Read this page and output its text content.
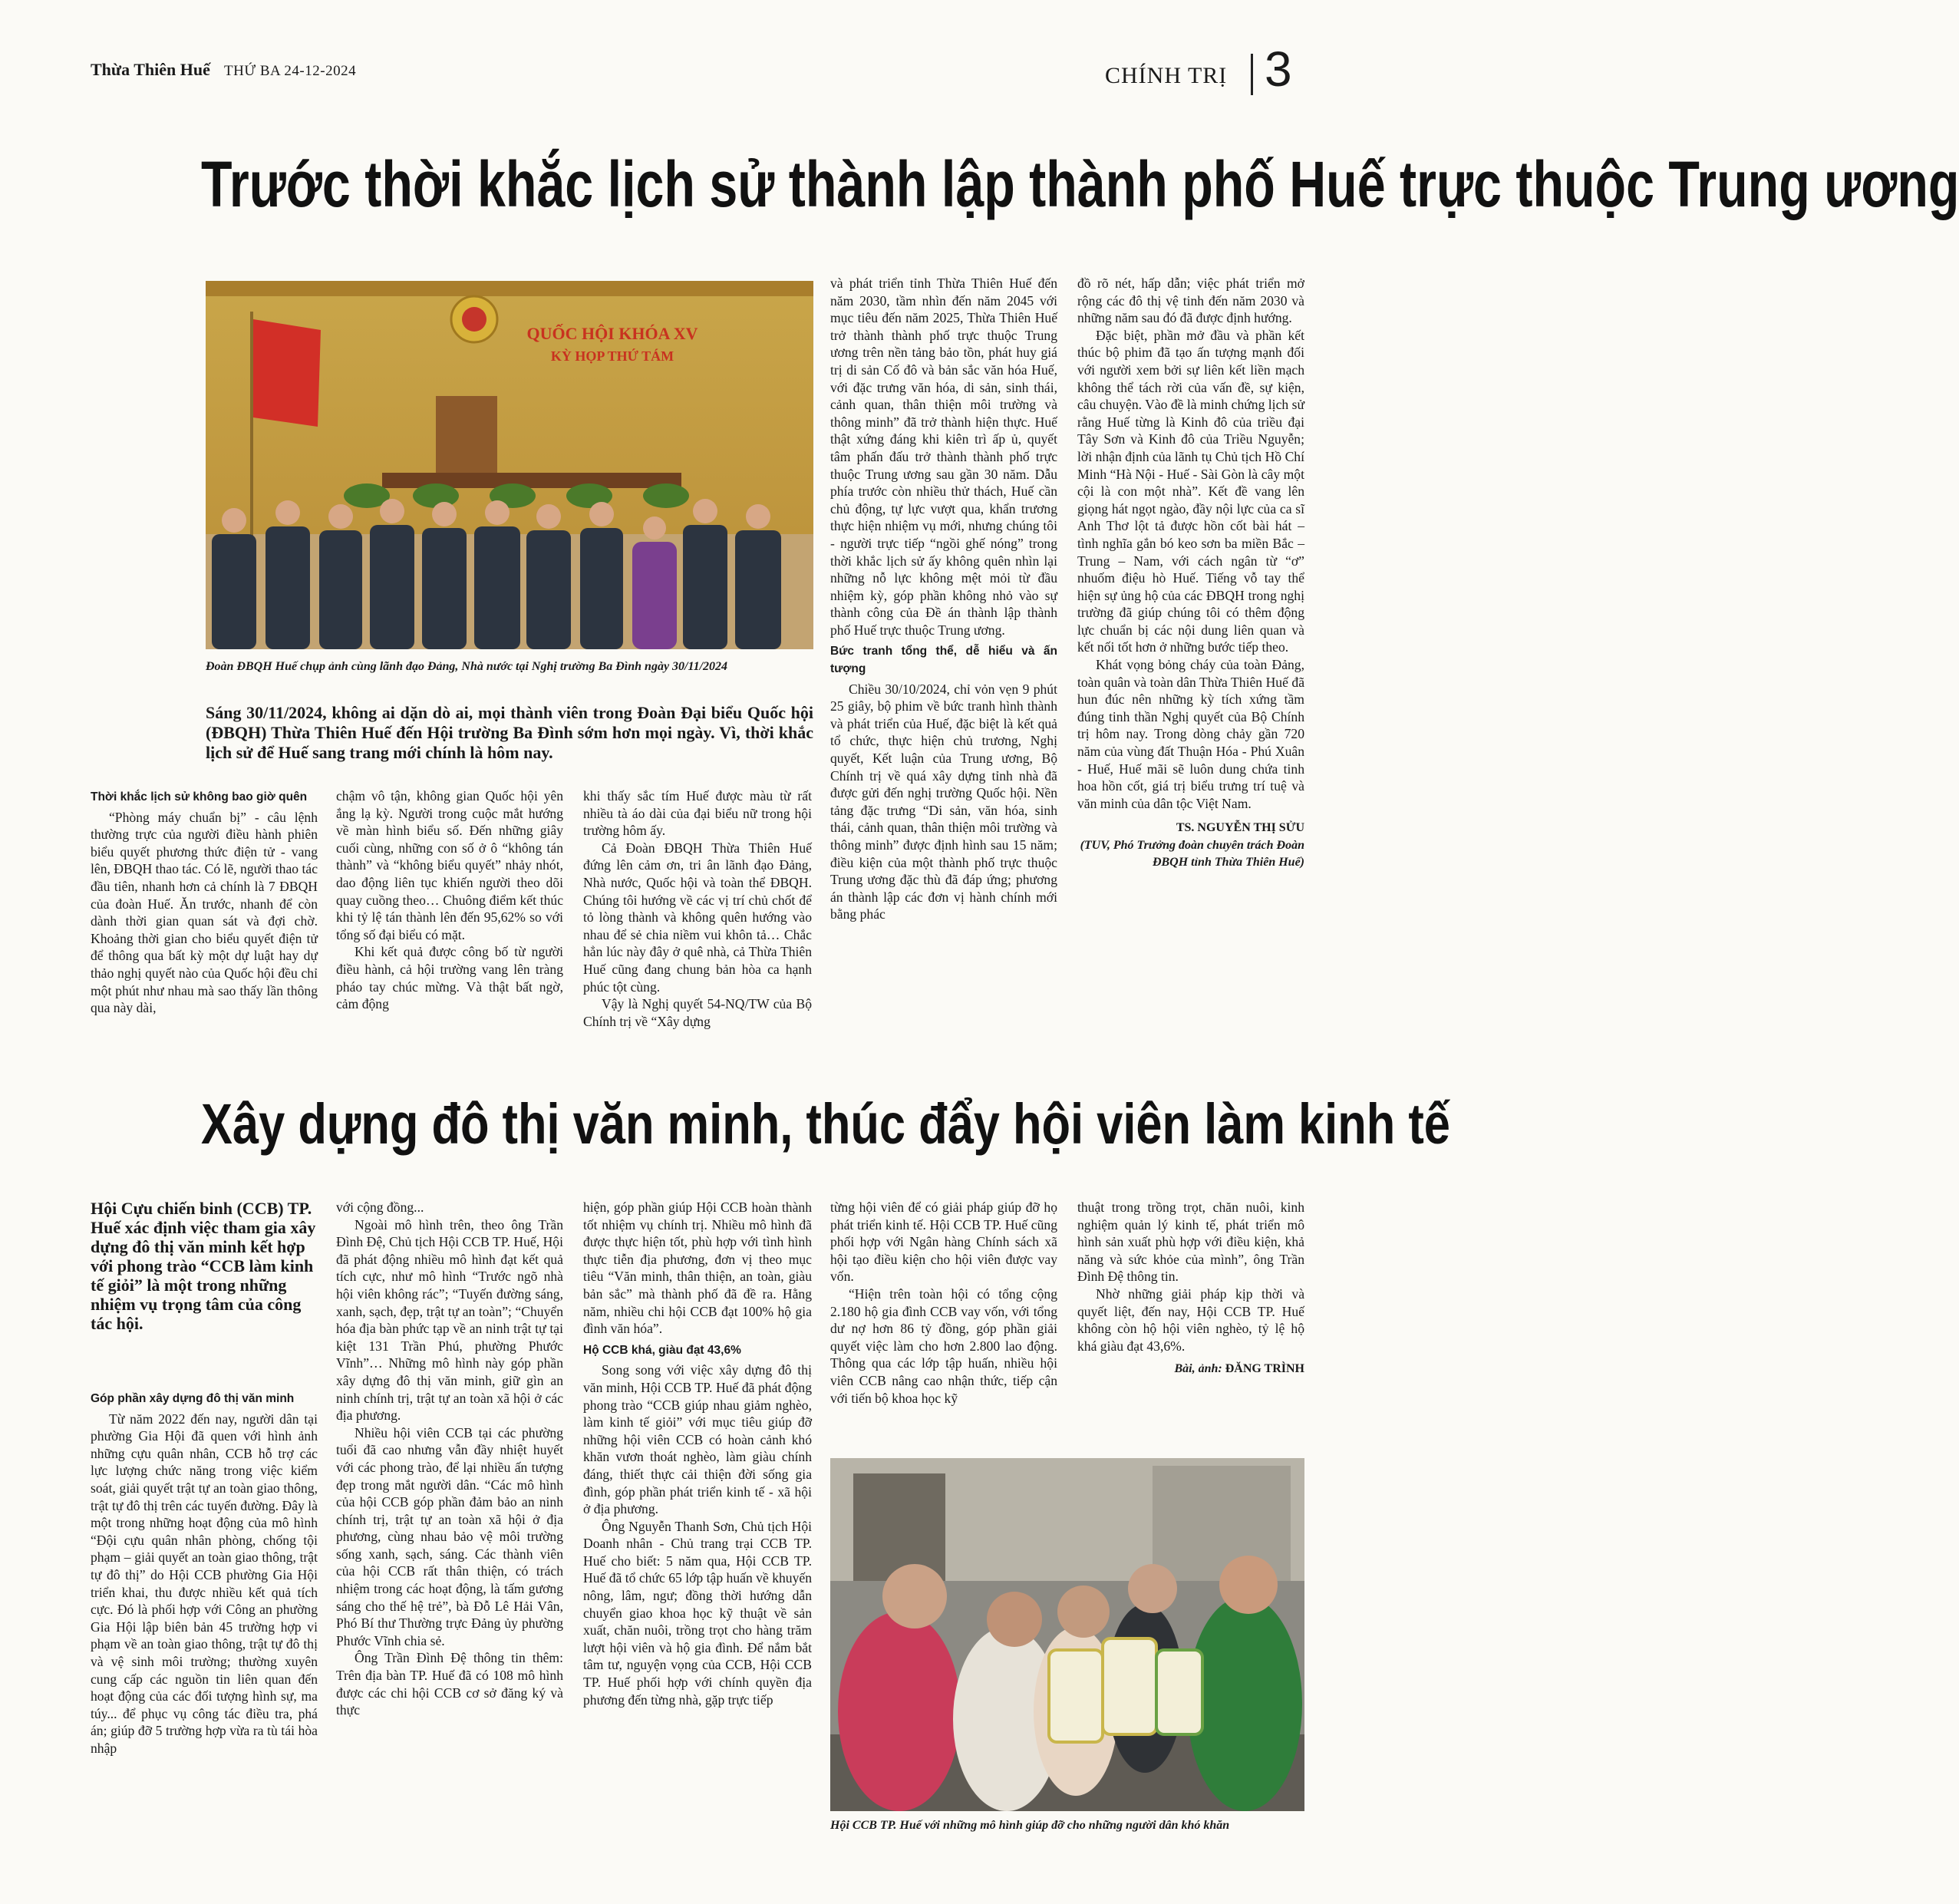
Thừa Thiên Huế THỨ BA 24-12-2024	CHÍNH TRỊ 3
Trước thời khắc lịch sử thành lập thành phố Huế trực thuộc Trung ương
QUỐC HỘI KHÓA XV
KỲ HỌP THỨ TÁM
Đoàn ĐBQH Huế chụp ảnh cùng lãnh đạo Đảng, Nhà nước tại Nghị trường Ba Đình ngày 30/11/2024
Sáng 30/11/2024, không ai dặn dò ai, mọi thành viên trong Đoàn Đại biểu Quốc hội (ĐBQH) Thừa Thiên Huế đến Hội trường Ba Đình sớm hơn mọi ngày. Vì, thời khắc lịch sử để Huế sang trang mới chính là hôm nay.
Thời khắc lịch sử không bao giờ quên

“Phòng máy chuẩn bị” - câu lệnh thường trực của người điều hành phiên biểu quyết phương thức điện tử - vang lên, ĐBQH thao tác. Có lẽ, người thao tác đầu tiên, nhanh hơn cả chính là 7 ĐBQH của đoàn Huế. Ăn trước, nhanh để còn dành thời gian quan sát và đợi chờ. Khoảng thời gian cho biểu quyết điện tử để thông qua bất kỳ một dự luật hay dự thảo nghị quyết nào của Quốc hội đều chỉ một phút như nhau mà sao thấy lần thông qua này dài,

chậm vô tận, không gian Quốc hội yên ắng lạ kỳ. Người trong cuộc mắt hướng về màn hình biểu số. Đến những giây cuối cùng, những con số ở ô “không tán thành” và “không biểu quyết” nhảy nhót, dao động liên tục khiến người theo dõi quay cuồng theo… Chuông điểm kết thúc khi tỷ lệ tán thành lên đến 95,62% so với tổng số đại biểu có mặt.

Khi kết quả được công bố từ người điều hành, cả hội trường vang lên tràng pháo tay chúc mừng. Và thật bất ngờ, cảm động

khi thấy sắc tím Huế được màu từ rất nhiều tà áo dài của đại biểu nữ trong hội trường hôm ấy.

Cả Đoàn ĐBQH Thừa Thiên Huế đứng lên cảm ơn, tri ân lãnh đạo Đảng, Nhà nước, Quốc hội và toàn thể ĐBQH. Chúng tôi hướng về các vị trí chủ chốt để tỏ lòng thành và không quên hướng vào nhau để sẻ chia niềm vui khôn tả… Chắc hẳn lúc này đây ở quê nhà, cả Thừa Thiên Huế cũng đang chung bản hòa ca hạnh phúc tột cùng.

Vậy là Nghị quyết 54-NQ/TW của Bộ Chính trị về “Xây dựng

và phát triển tỉnh Thừa Thiên Huế đến năm 2030, tầm nhìn đến năm 2045 với mục tiêu đến năm 2025, Thừa Thiên Huế trở thành thành phố trực thuộc Trung ương trên nền tảng bảo tồn, phát huy giá trị di sản Cố đô và bản sắc văn hóa Huế, với đặc trưng văn hóa, di sản, sinh thái, cảnh quan, thân thiện môi trường và thông minh” đã trở thành hiện thực. Huế thật xứng đáng khi kiên trì ấp ủ, quyết tâm phấn đấu trở thành thành phố trực thuộc Trung ương sau gần 30 năm. Dẫu phía trước còn nhiều thử thách, Huế cần chủ động, tự lực vượt qua, khẩn trương thực hiện nhiệm vụ mới, nhưng chúng tôi - người trực tiếp “ngồi ghế nóng” trong thời khắc lịch sử ấy không quên nhìn lại những nỗ lực không mệt mỏi từ đầu nhiệm kỳ, góp phần không nhỏ vào sự thành công của Đề án thành lập thành phố Huế trực thuộc Trung ương.

Bức tranh tổng thể, dễ hiểu và ấn tượng

Chiều 30/10/2024, chỉ vỏn vẹn 9 phút 25 giây, bộ phim về bức tranh hình thành và phát triển của Huế, đặc biệt là kết quả tổ chức, thực hiện chủ trương, Nghị quyết, Kết luận của Trung ương, Bộ Chính trị về quá xây dựng tỉnh nhà đã được gửi đến nghị trường Quốc hội. Nền tảng đặc trưng “Di sản, văn hóa, sinh thái, cảnh quan, thân thiện môi trường và thông minh” được định hình sau 15 năm; điều kiện của một thành phố trực thuộc Trung ương đặc thù đã đáp ứng; phương án thành lập các đơn vị hành chính mới bằng phác

đồ rõ nét, hấp dẫn; việc phát triển mở rộng các đô thị vệ tinh đến năm 2030 và những năm sau đó đã được định hướng.

Đặc biệt, phần mở đầu và phần kết thúc bộ phim đã tạo ấn tượng mạnh đối với người xem bởi sự liên kết liền mạch không thể tách rời của vấn đề, sự kiện, câu chuyện. Vào đề là minh chứng lịch sử rằng Huế từng là Kinh đô của triều đại Tây Sơn và Kinh đô của Triều Nguyễn; lời nhận định của lãnh tụ Chủ tịch Hồ Chí Minh “Hà Nội - Huế - Sài Gòn là cây một cội là con một nhà”. Kết đề vang lên giọng hát ngọt ngào, đầy nội lực của ca sĩ Anh Thơ lột tả được hồn cốt bài hát – tình nghĩa gắn bó keo sơn ba miền Bắc – Trung – Nam, với cách ngân từ “ơ” nhuốm điệu hò Huế. Tiếng vỗ tay thể hiện sự ủng hộ của các ĐBQH trong nghị trường đã giúp chúng tôi có thêm động lực chuẩn bị các nội dung liên quan và kết nối tốt hơn ở những bước tiếp theo.

Khát vọng bỏng cháy của toàn Đảng, toàn quân và toàn dân Thừa Thiên Huế đã hun đúc nên những kỳ tích xứng tầm đúng tinh thần Nghị quyết của Bộ Chính trị hôm nay. Trong dòng chảy gần 720 năm của vùng đất Thuận Hóa - Phú Xuân - Huế, Huế mãi sẽ luôn dung chứa tinh hoa hồn cốt, giá trị biểu trưng trí tuệ và văn minh của dân tộc Việt Nam.

TS. NGUYỄN THỊ SỬU
(TUV, Phó Trưởng đoàn chuyên trách Đoàn ĐBQH tỉnh Thừa Thiên Huế)
Xây dựng đô thị văn minh, thúc đẩy hội viên làm kinh tế
Hội Cựu chiến binh (CCB) TP. Huế xác định việc tham gia xây dựng đô thị văn minh kết hợp với phong trào “CCB làm kinh tế giỏi” là một trong những nhiệm vụ trọng tâm của công tác hội.
Góp phần xây dựng đô thị văn minh

Từ năm 2022 đến nay, người dân tại phường Gia Hội đã quen với hình ảnh những cựu quân nhân, CCB hỗ trợ các lực lượng chức năng trong việc kiểm soát, giải quyết trật tự an toàn giao thông, trật tự đô thị trên các tuyến đường. Đây là một trong những hoạt động của mô hình “Đội cựu quân nhân phòng, chống tội phạm – giải quyết an toàn giao thông, trật tự đô thị” do Hội CCB phường Gia Hội triển khai, thu được nhiều kết quả tích cực. Đó là phối hợp với Công an phường Gia Hội lập biên bản 45 trường hợp vi phạm về an toàn giao thông, trật tự đô thị và vệ sinh môi trường; thường xuyên cung cấp các nguồn tin liên quan đến hoạt động của các đối tượng hình sự, ma túy... để phục vụ công tác điều tra, phá án; giúp đỡ 5 trường hợp vừa ra tù tái hòa nhập

với cộng đồng...

Ngoài mô hình trên, theo ông Trần Đình Đệ, Chủ tịch Hội CCB TP. Huế, Hội đã phát động nhiều mô hình đạt kết quả tích cực, như mô hình “Trước ngõ nhà hội viên không rác”; “Tuyến đường sáng, xanh, sạch, đẹp, trật tự an toàn”; “Chuyển hóa địa bàn phức tạp về an ninh trật tự tại kiệt 131 Trần Phú, phường Phước Vĩnh”… Những mô hình này góp phần xây dựng đô thị văn minh, giữ gìn an ninh chính trị, trật tự an toàn xã hội ở các địa phương.

Nhiều hội viên CCB tại các phường tuổi đã cao nhưng vẫn đầy nhiệt huyết với các phong trào, để lại nhiều ấn tượng đẹp trong mắt người dân. “Các mô hình của hội CCB góp phần đảm bảo an ninh chính trị, trật tự an toàn xã hội ở địa phương, cùng nhau bảo vệ môi trường sống xanh, sạch, sáng. Các thành viên của hội CCB rất thân thiện, có trách nhiệm trong các hoạt động, là tấm gương sáng cho thế hệ trẻ”, bà Đỗ Lê Hải Vân, Phó Bí thư Thường trực Đảng ủy phường Phước Vĩnh chia sẻ.

Ông Trần Đình Đệ thông tin thêm: Trên địa bàn TP. Huế đã có 108 mô hình được các chi hội CCB cơ sở đăng ký và thực

hiện, góp phần giúp Hội CCB hoàn thành tốt nhiệm vụ chính trị. Nhiều mô hình đã được thực hiện tốt, phù hợp với tình hình thực tiễn địa phương, đơn vị theo mục tiêu “Văn minh, thân thiện, an toàn, giàu bản sắc” mà thành phố đã đề ra. Hằng năm, nhiều chi hội CCB đạt 100% hộ gia đình văn hóa”.

Hộ CCB khá, giàu đạt 43,6%

Song song với việc xây dựng đô thị văn minh, Hội CCB TP. Huế đã phát động phong trào “CCB giúp nhau giảm nghèo, làm kinh tế giỏi” với mục tiêu giúp đỡ những hội viên CCB có hoàn cảnh khó khăn vươn thoát nghèo, làm giàu chính đáng, thiết thực cải thiện đời sống gia đình, góp phần phát triển kinh tế - xã hội ở địa phương.

Ông Nguyễn Thanh Sơn, Chủ tịch Hội Doanh nhân - Chủ trang trại CCB TP. Huế cho biết: 5 năm qua, Hội CCB TP. Huế đã tổ chức 65 lớp tập huấn về khuyến nông, lâm, ngư; đồng thời hướng dẫn chuyển giao khoa học kỹ thuật về sản xuất, chăn nuôi, trồng trọt cho hàng trăm lượt hội viên và hộ gia đình. Để nắm bắt tâm tư, nguyện vọng của CCB, Hội CCB TP. Huế phối hợp với chính quyền địa phương đến từng nhà, gặp trực tiếp

từng hội viên để có giải pháp giúp đỡ họ phát triển kinh tế. Hội CCB TP. Huế cũng phối hợp với Ngân hàng Chính sách xã hội tạo điều kiện cho hội viên được vay vốn.

“Hiện trên toàn hội có tổng cộng 2.180 hộ gia đình CCB vay vốn, với tổng dư nợ hơn 86 tỷ đồng, góp phần giải quyết việc làm cho hơn 2.800 lao động. Thông qua các lớp tập huấn, nhiều hội viên CCB nâng cao nhận thức, tiếp cận với tiến bộ khoa học kỹ

thuật trong trồng trọt, chăn nuôi, kinh nghiệm quản lý kinh tế, phát triển mô hình sản xuất phù hợp với điều kiện, khả năng và sức khỏe của mình”, ông Trần Đình Đệ thông tin.

Nhờ những giải pháp kịp thời và quyết liệt, đến nay, Hội CCB TP. Huế không còn hộ hội viên nghèo, tỷ lệ hộ khá giàu đạt 43,6%.

Bài, ảnh: ĐĂNG TRÌNH
Hội CCB TP. Huế với những mô hình giúp đỡ cho những người dân khó khăn
